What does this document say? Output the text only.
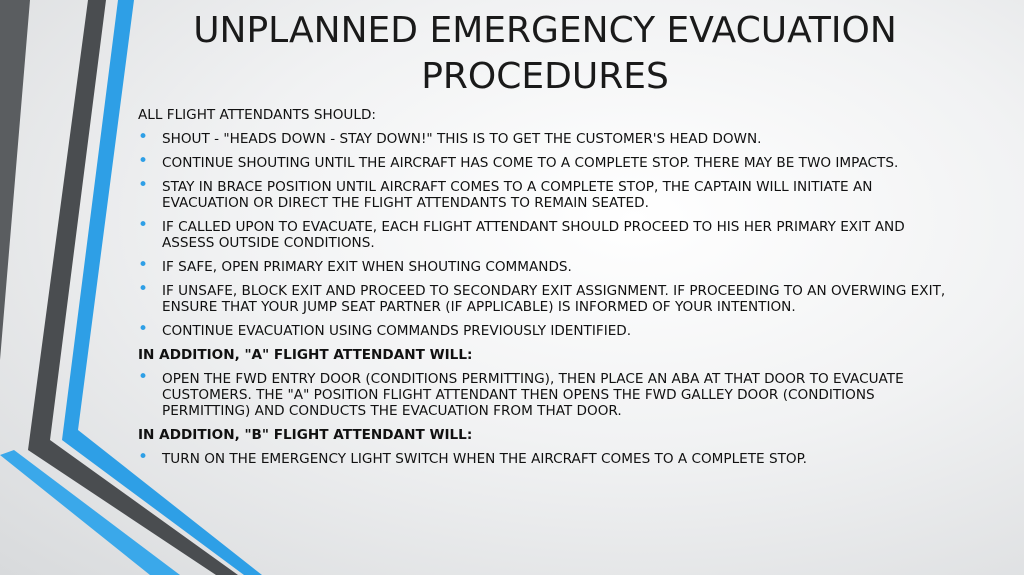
UNPLANNED EMERGENCY EVACUATION
PROCEDURES

ALL FLIGHT ATTENDANTS SHOULD:

• SHOUT - "HEADS DOWN - STAY DOWN!" THIS IS TO GET THE CUSTOMER'S HEAD DOWN.
• CONTINUE SHOUTING UNTIL THE AIRCRAFT HAS COME TO A COMPLETE STOP. THERE MAY BE TWO IMPACTS.
• STAY IN BRACE POSITION UNTIL AIRCRAFT COMES TO A COMPLETE STOP, THE CAPTAIN WILL INITIATE AN EVACUATION OR DIRECT THE FLIGHT ATTENDANTS TO REMAIN SEATED.
• IF CALLED UPON TO EVACUATE, EACH FLIGHT ATTENDANT SHOULD PROCEED TO HIS HER PRIMARY EXIT AND ASSESS OUTSIDE CONDITIONS.
• IF SAFE, OPEN PRIMARY EXIT WHEN SHOUTING COMMANDS.
• IF UNSAFE, BLOCK EXIT AND PROCEED TO SECONDARY EXIT ASSIGNMENT. IF PROCEEDING TO AN OVERWING EXIT, ENSURE THAT YOUR JUMP SEAT PARTNER (IF APPLICABLE) IS INFORMED OF YOUR INTENTION.
• CONTINUE EVACUATION USING COMMANDS PREVIOUSLY IDENTIFIED.

IN ADDITION, "A" FLIGHT ATTENDANT WILL:

• OPEN THE FWD ENTRY DOOR (CONDITIONS PERMITTING), THEN PLACE AN ABA AT THAT DOOR TO EVACUATE CUSTOMERS. THE "A" POSITION FLIGHT ATTENDANT THEN OPENS THE FWD GALLEY DOOR (CONDITIONS PERMITTING) AND CONDUCTS THE EVACUATION FROM THAT DOOR.

IN ADDITION, "B" FLIGHT ATTENDANT WILL:

• TURN ON THE EMERGENCY LIGHT SWITCH WHEN THE AIRCRAFT COMES TO A COMPLETE STOP.
